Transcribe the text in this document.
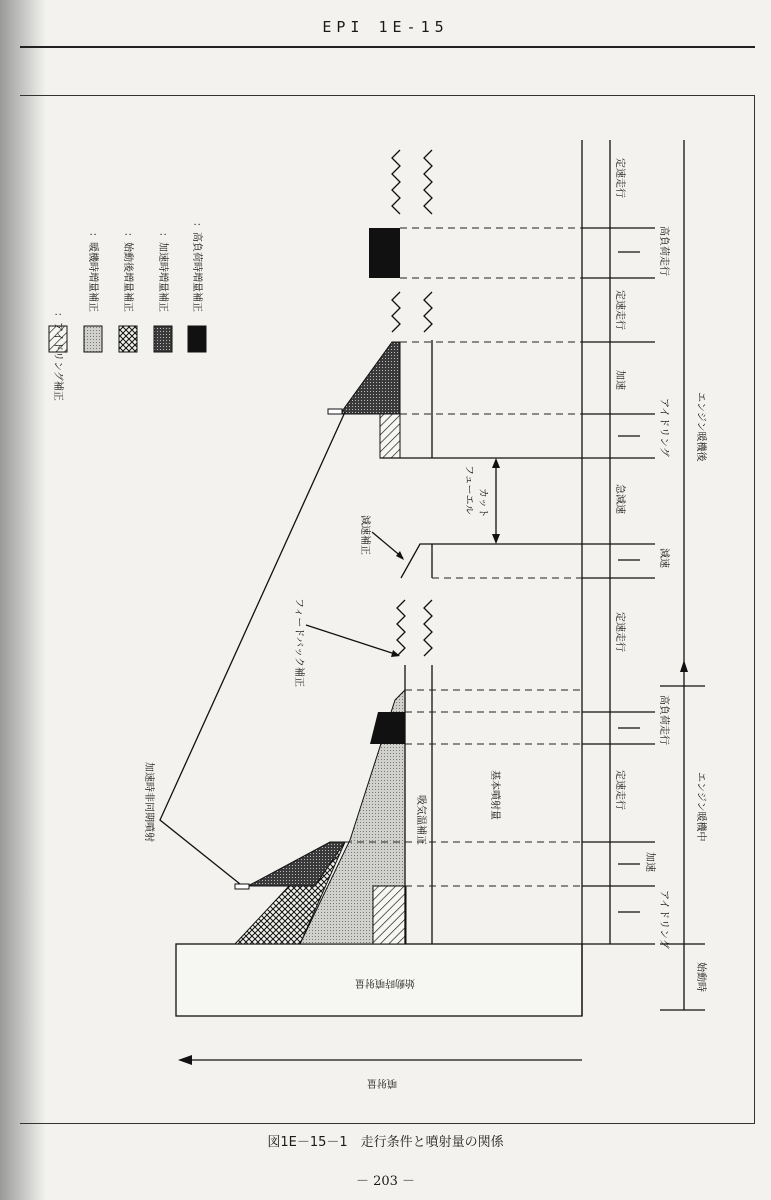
EPI 1E-15
：アイドリング補正
：暖機時増量補正 ：始動後増量補正 ：加速時増量補正 ：高負荷時増量補正
始動時噴射量
吸気温補正	基本噴射量
減速補正
フューエル カット
加速時非同期噴射
フィードバック補正
アイドリング
加速
定速走行
高負荷走行
定速走行
減速
急減速
アイドリング
加速
定速走行
高負荷走行
定速走行
始動時
エンジン暖機中
エンジン暖機後
噴射量
図1E－15－1　走行条件と噴射量の関係
－ 203 －
